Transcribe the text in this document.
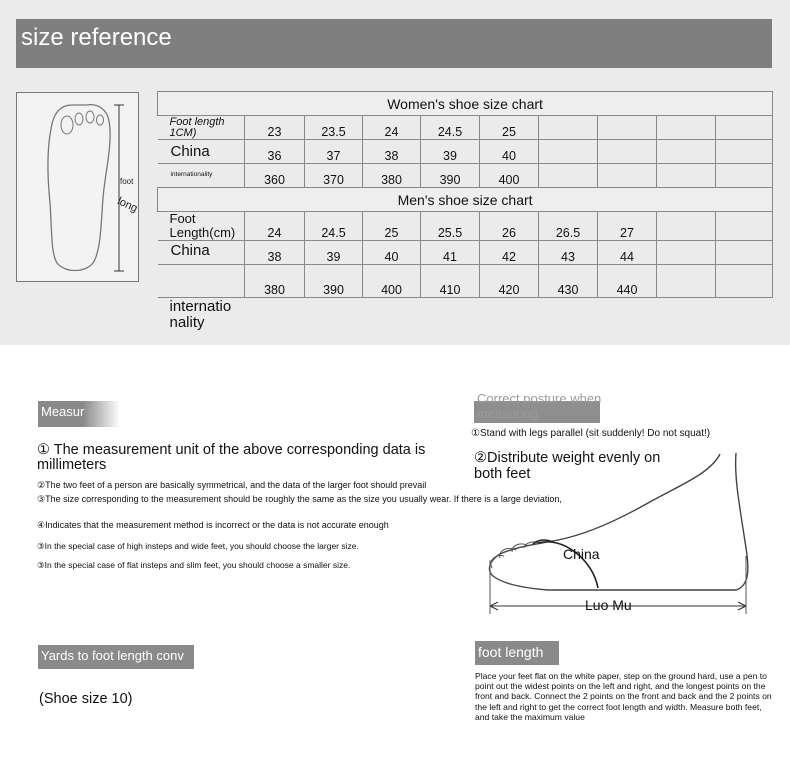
size reference
foot
long
Women's shoe size chart									
Foot length 1CM)	23	23.5	24	24.5	25				
China	36	37	38	39	40				
internationality	360	370	380	390	400				
Men's shoe size chart									
Foot Length(cm)	24	24.5	25	25.5	26	26.5	27		
China	38	39	40	41	42	43	44		
internationality	380	390	400	410	420	430	440		
Measur

① The measurement unit of the above corresponding data is millimeters

②The two feet of a person are basically symmetrical, and the data of the larger foot should prevail

③The size corresponding to the measurement should be roughly the same as the size you usually wear. If there is a large deviation,

④Indicates that the measurement method is incorrect or the data is not accurate enough

③In the special case of high insteps and wide feet, you should choose the larger size.

③In the special case of flat insteps and slim feet, you should choose a smaller size.

Correct posture when measuring

①Stand with legs parallel (sit suddenly! Do not squat!)

②Distribute weight evenly on both feet

China
Luo Mu
Yards to foot length conv

(Shoe size 10)

foot length

Place your feet flat on the white paper, step on the ground hard, use a pen to point out the widest points on the left and right, and the longest points on the front and back. Connect the 2 points on the front and back and the 2 points on the left and right to get the correct foot length and width. Measure both feet, and take the maximum value
